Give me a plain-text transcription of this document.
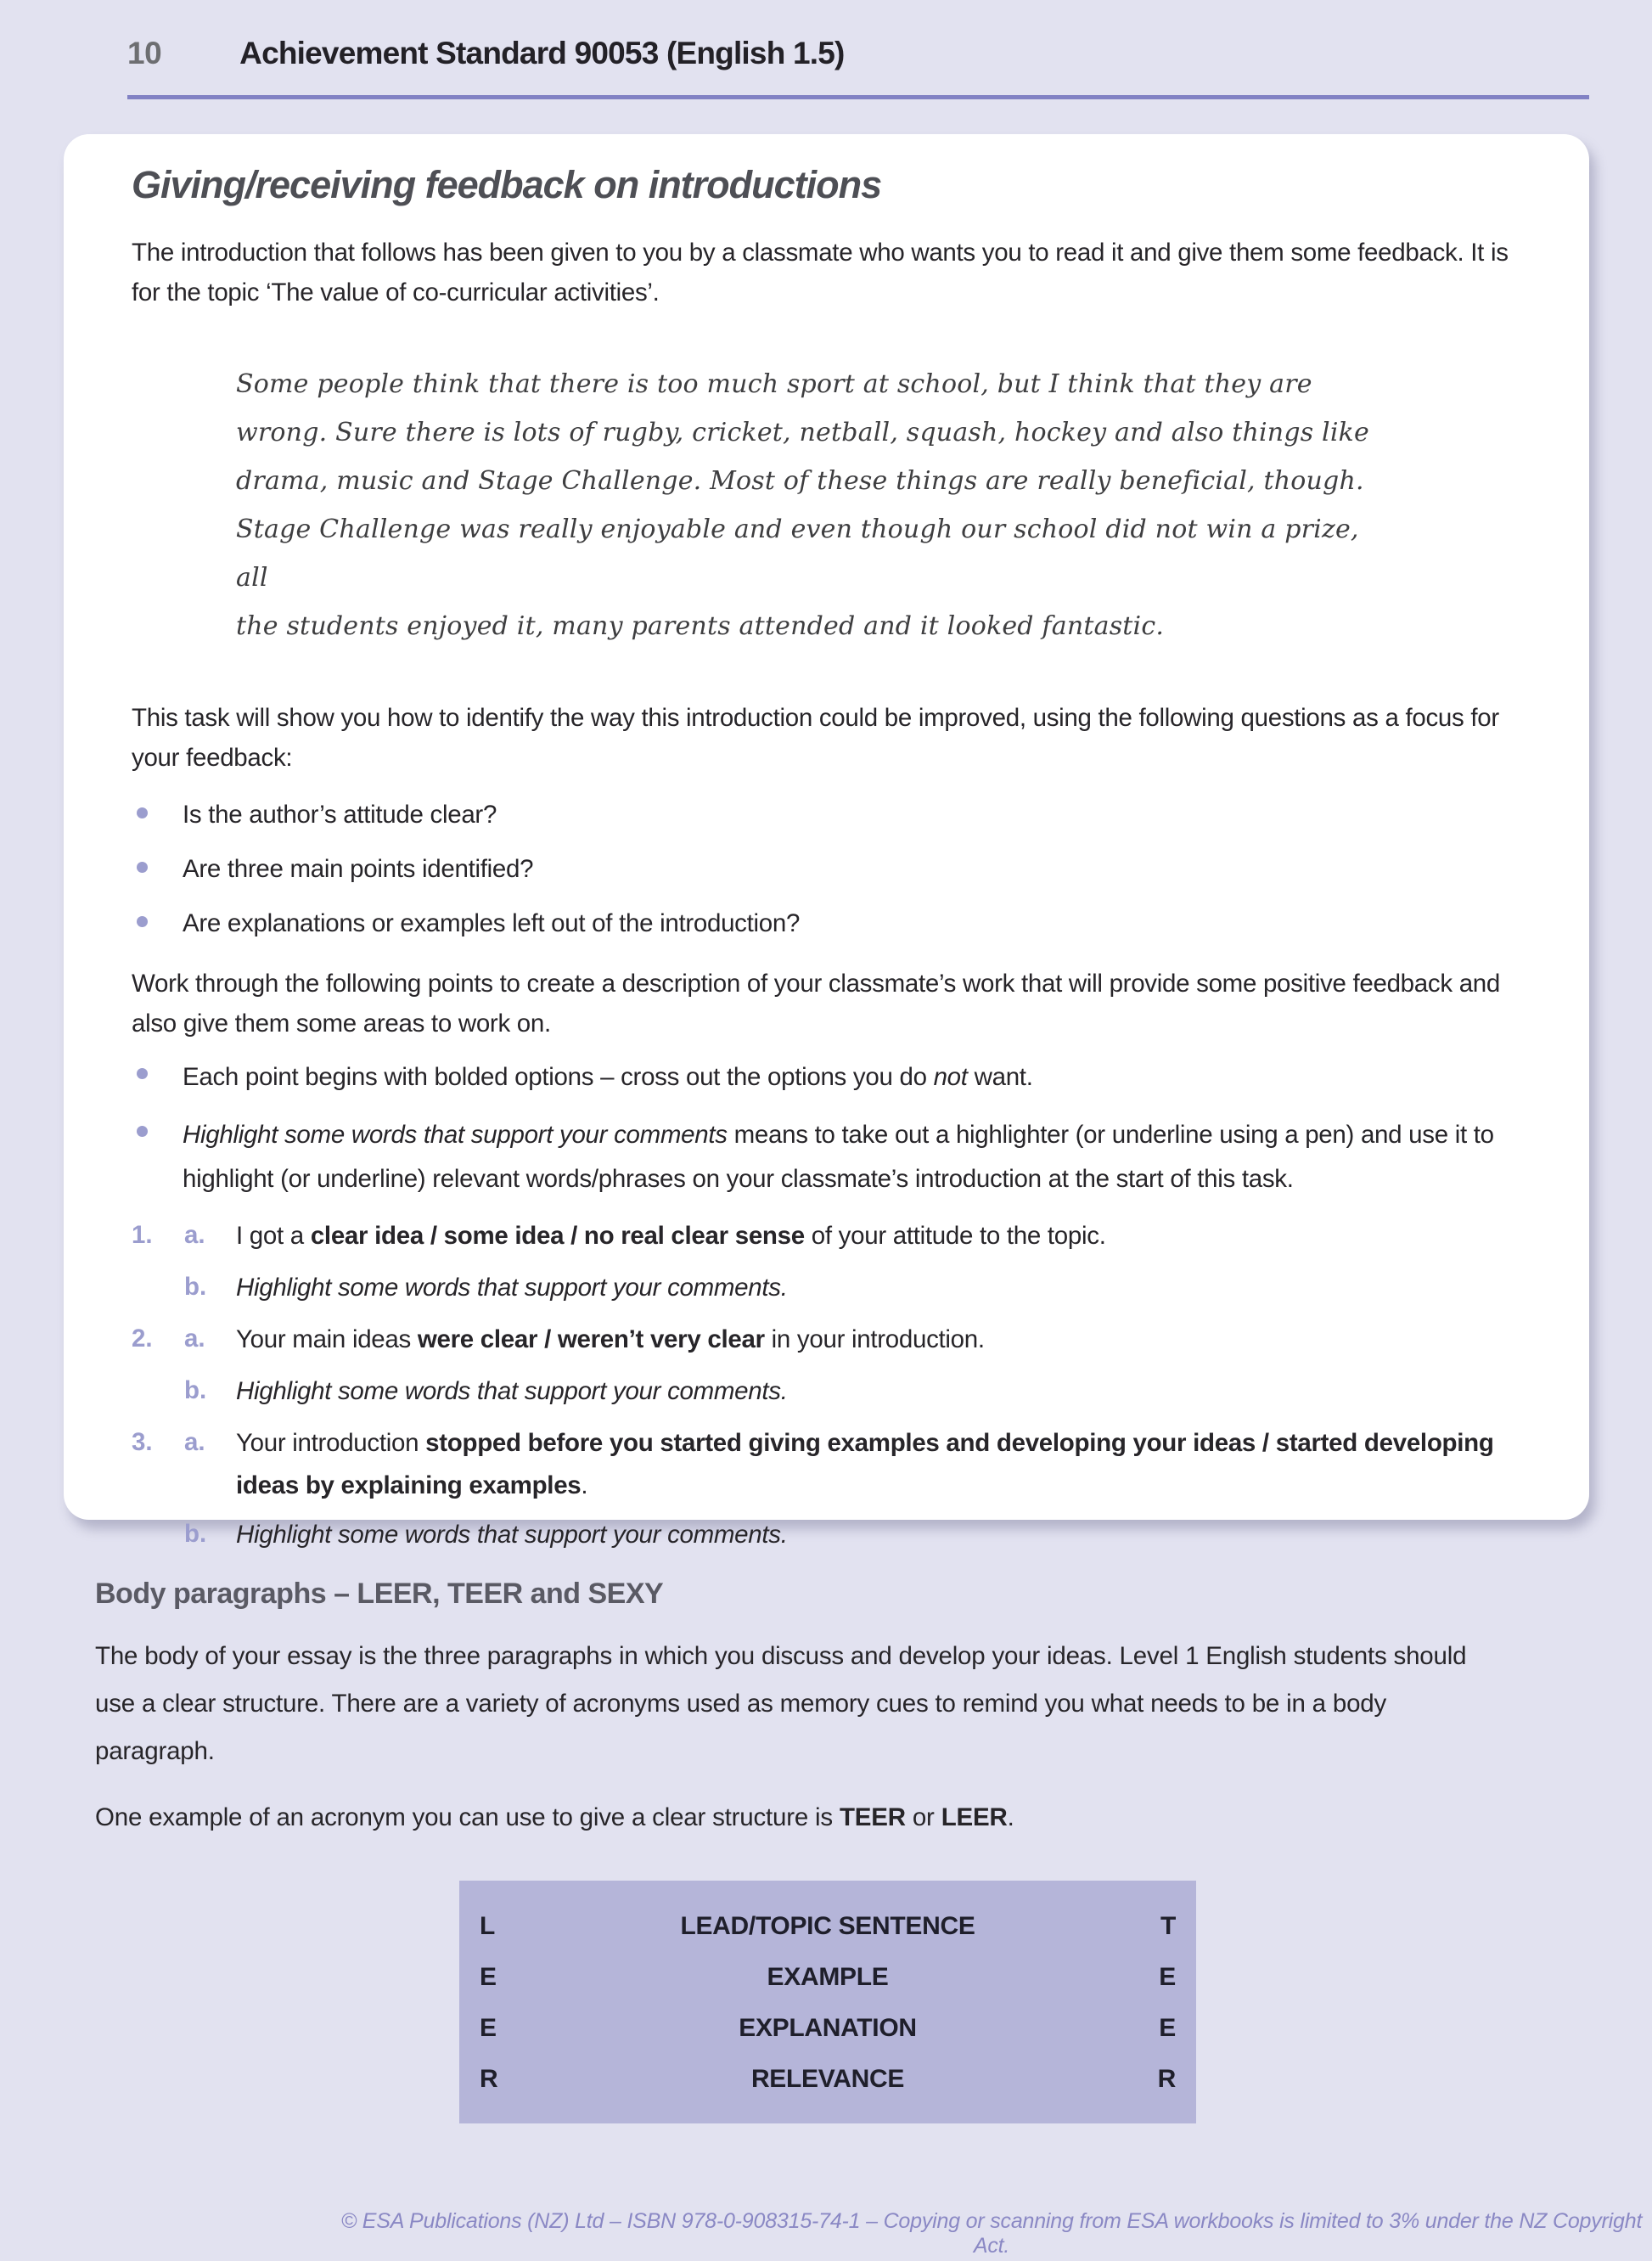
10 Achievement Standard 90053 (English 1.5)
Giving/receiving feedback on introductions

The introduction that follows has been given to you by a classmate who wants you to read it and give them some feedback. It is for the topic ‘The value of co-curricular activities’.

Some people think that there is too much sport at school, but I think that they are
wrong. Sure there is lots of rugby, cricket, netball, squash, hockey and also things like
drama, music and Stage Challenge. Most of these things are really beneficial, though.
Stage Challenge was really enjoyable and even though our school did not win a prize, all
the students enjoyed it, many parents attended and it looked fantastic.

This task will show you how to identify the way this introduction could be improved, using the following questions as a focus for your feedback:

Is the author’s attitude clear?
Are three main points identified?
Are explanations or examples left out of the introduction?

Work through the following points to create a description of your classmate’s work that will provide some positive feedback and also give them some areas to work on.

Each point begins with bolded options – cross out the options you do not want.
Highlight some words that support your comments means to take out a highlighter (or underline using a pen) and use it to highlight (or underline) relevant words/phrases on your classmate’s introduction at the start of this task.
1.	a.	I got a clear idea / some idea / no real clear sense of your attitude to the topic.
b.	Highlight some words that support your comments.
2.	a.	Your main ideas were clear / weren’t very clear in your introduction.
b.	Highlight some words that support your comments.
3.	a.	Your introduction stopped before you started giving examples and developing your ideas / started developing ideas by explaining examples.
b.	Highlight some words that support your comments.
Body paragraphs – LEER, TEER and SEXY

The body of your essay is the three paragraphs in which you discuss and develop your ideas. Level 1 English students should use a clear structure. There are a variety of acronyms used as memory cues to remind you what needs to be in a body paragraph.

One example of an acronym you can use to give a clear structure is TEER or LEER.

L	LEAD/TOPIC SENTENCE	T
E	EXAMPLE	E
E	EXPLANATION	E
R	RELEVANCE	R
© ESA Publications (NZ) Ltd – ISBN 978-0-908315-74-1 – Copying or scanning from ESA workbooks is limited to 3% under the NZ Copyright Act.
